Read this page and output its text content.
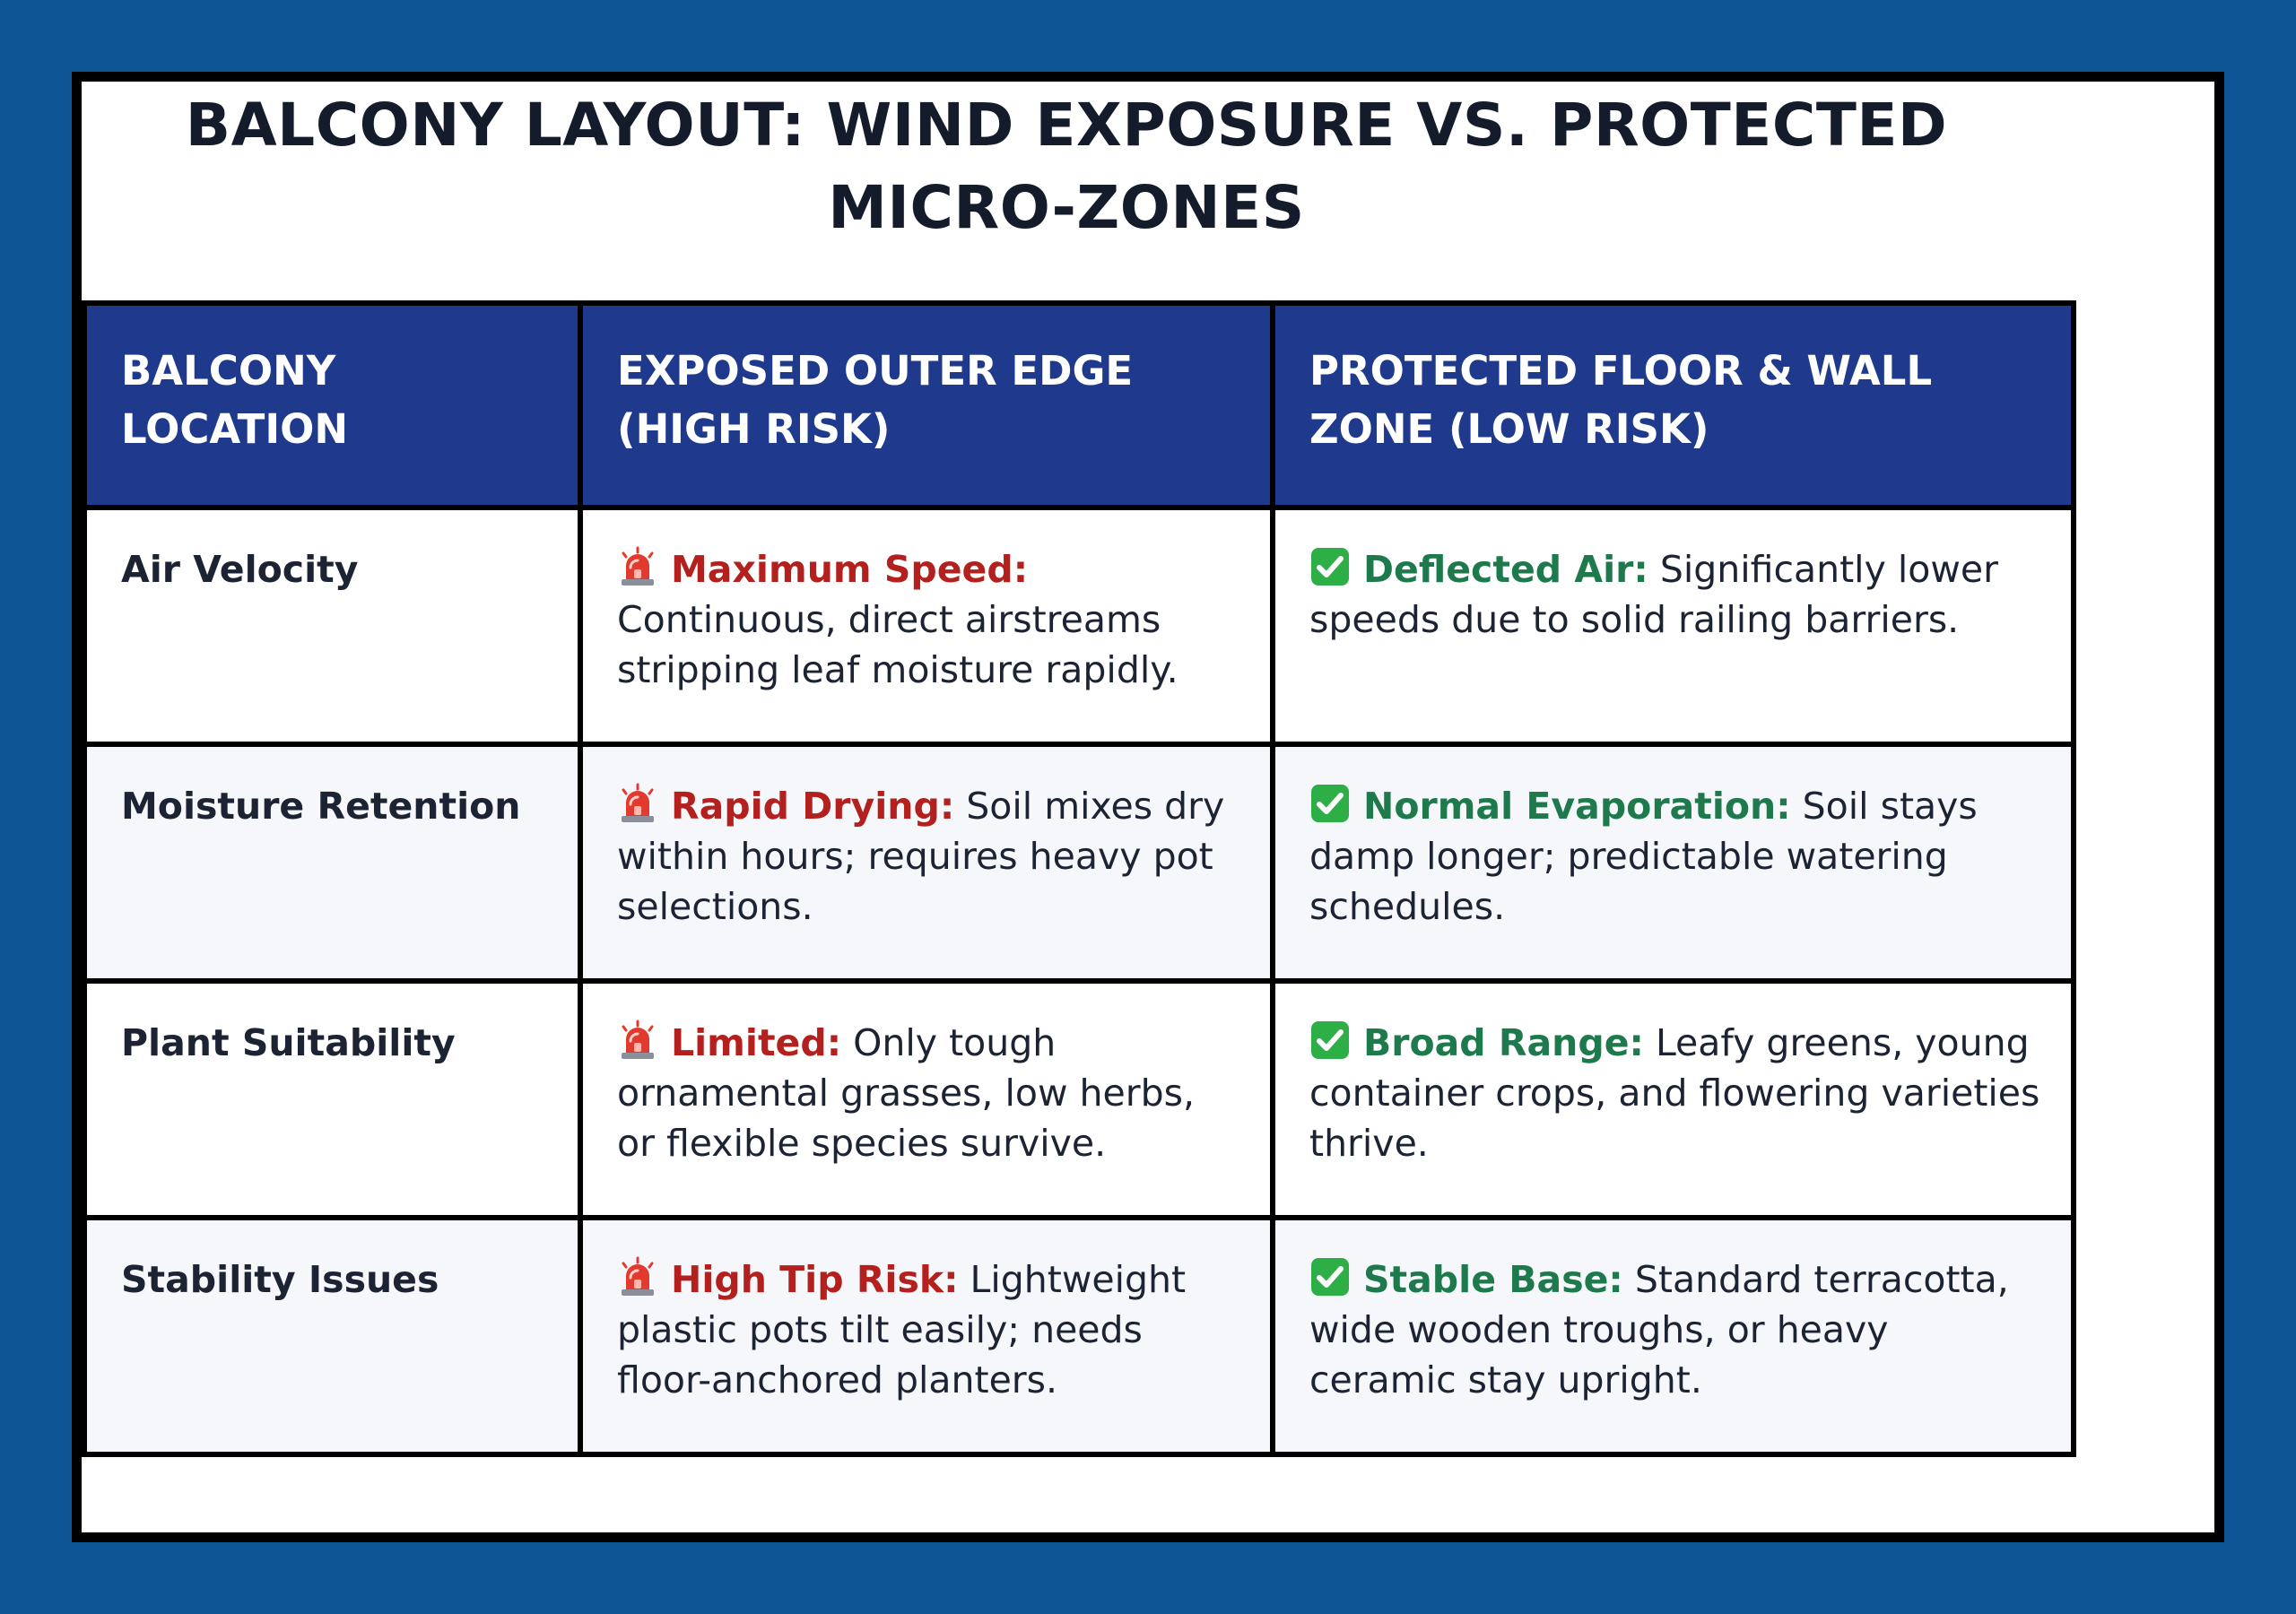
BALCONY LAYOUT: WIND EXPOSURE VS. PROTECTED MICRO-ZONES
BALCONY LOCATION	EXPOSED OUTER EDGE (HIGH RISK)	PROTECTED FLOOR & WALL ZONE (LOW RISK)
Air Velocity	Maximum Speed: Continuous, direct airstreams stripping leaf moisture rapidly.	Deflected Air: Significantly lower speeds due to solid railing barriers.
Moisture Retention	Rapid Drying: Soil mixes dry within hours; requires heavy pot selections.	Normal Evaporation: Soil stays damp longer; predictable watering schedules.
Plant Suitability	Limited: Only tough ornamental grasses, low herbs, or flexible species survive.	Broad Range: Leafy greens, young container crops, and flowering varieties thrive.
Stability Issues	High Tip Risk: Lightweight plastic pots tilt easily; needs floor-anchored planters.	Stable Base: Standard terracotta, wide wooden troughs, or heavy ceramic stay upright.
